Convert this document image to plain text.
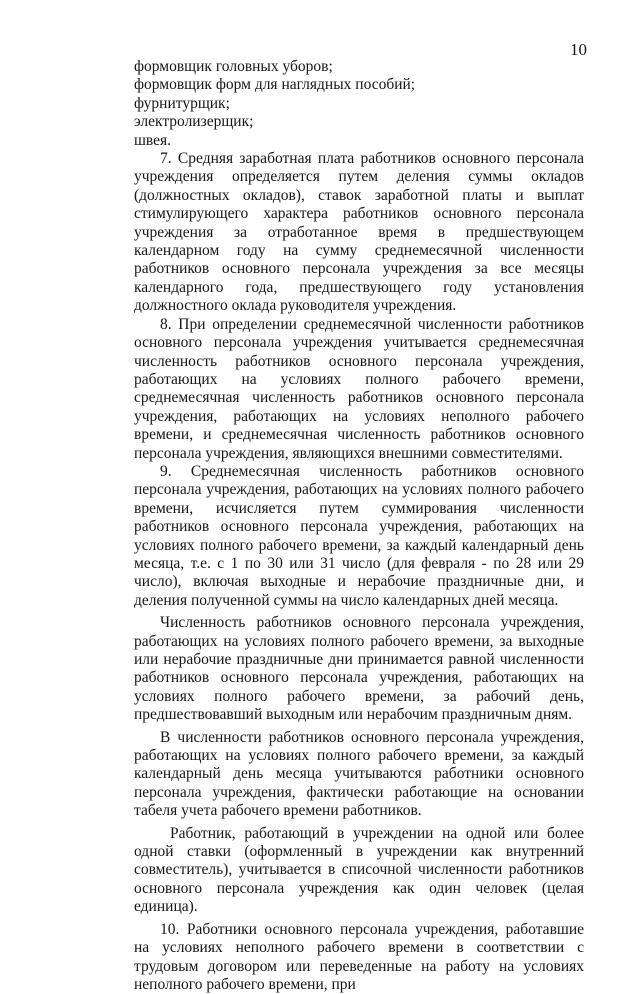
10
формовщик головных уборов;
формовщик форм для наглядных пособий;
фурнитурщик;
электролизерщик;
швея.

7. Средняя заработная плата работников основного персонала учреждения определяется путем деления суммы окладов (должностных окладов), ставок заработной платы и выплат стимулирующего характера работников основного персонала учреждения за отработанное время в предшествующем календарном году на сумму среднемесячной численности работников основного персонала учреждения за все месяцы календарного года, предшествующего году установления должностного оклада руководителя учреждения.

8. При определении среднемесячной численности работников основного персонала учреждения учитывается среднемесячная численность работников основного персонала учреждения, работающих на условиях полного рабочего времени, среднемесячная численность работников основного персонала учреждения, работающих на условиях неполного рабочего времени, и среднемесячная численность работников основного персонала учреждения, являющихся внешними совместителями.

9. Среднемесячная численность работников основного персонала учреждения, работающих на условиях полного рабочего времени, исчисляется путем суммирования численности работников основного персонала учреждения, работающих на условиях полного рабочего времени, за каждый календарный день месяца, т.е. с 1 по 30 или 31 число (для февраля - по 28 или 29 число), включая выходные и нерабочие праздничные дни, и деления полученной суммы на число календарных дней месяца.

Численность работников основного персонала учреждения, работающих на условиях полного рабочего времени, за выходные или нерабочие праздничные дни принимается равной численности работников основного персонала учреждения, работающих на условиях полного рабочего времени, за рабочий день, предшествовавший выходным или нерабочим праздничным дням.

В численности работников основного персонала учреждения, работающих на условиях полного рабочего времени, за каждый календарный день месяца учитываются работники основного персонала учреждения, фактически работающие на основании табеля учета рабочего времени работников.

Работник, работающий в учреждении на одной или более одной ставки (оформленный в учреждении как внутренний совместитель), учитывается в списочной численности работников основного персонала учреждения как один человек (целая единица).

10. Работники основного персонала учреждения, работавшие на условиях неполного рабочего времени в соответствии с трудовым договором или переведенные на работу на условиях неполного рабочего времени, при
